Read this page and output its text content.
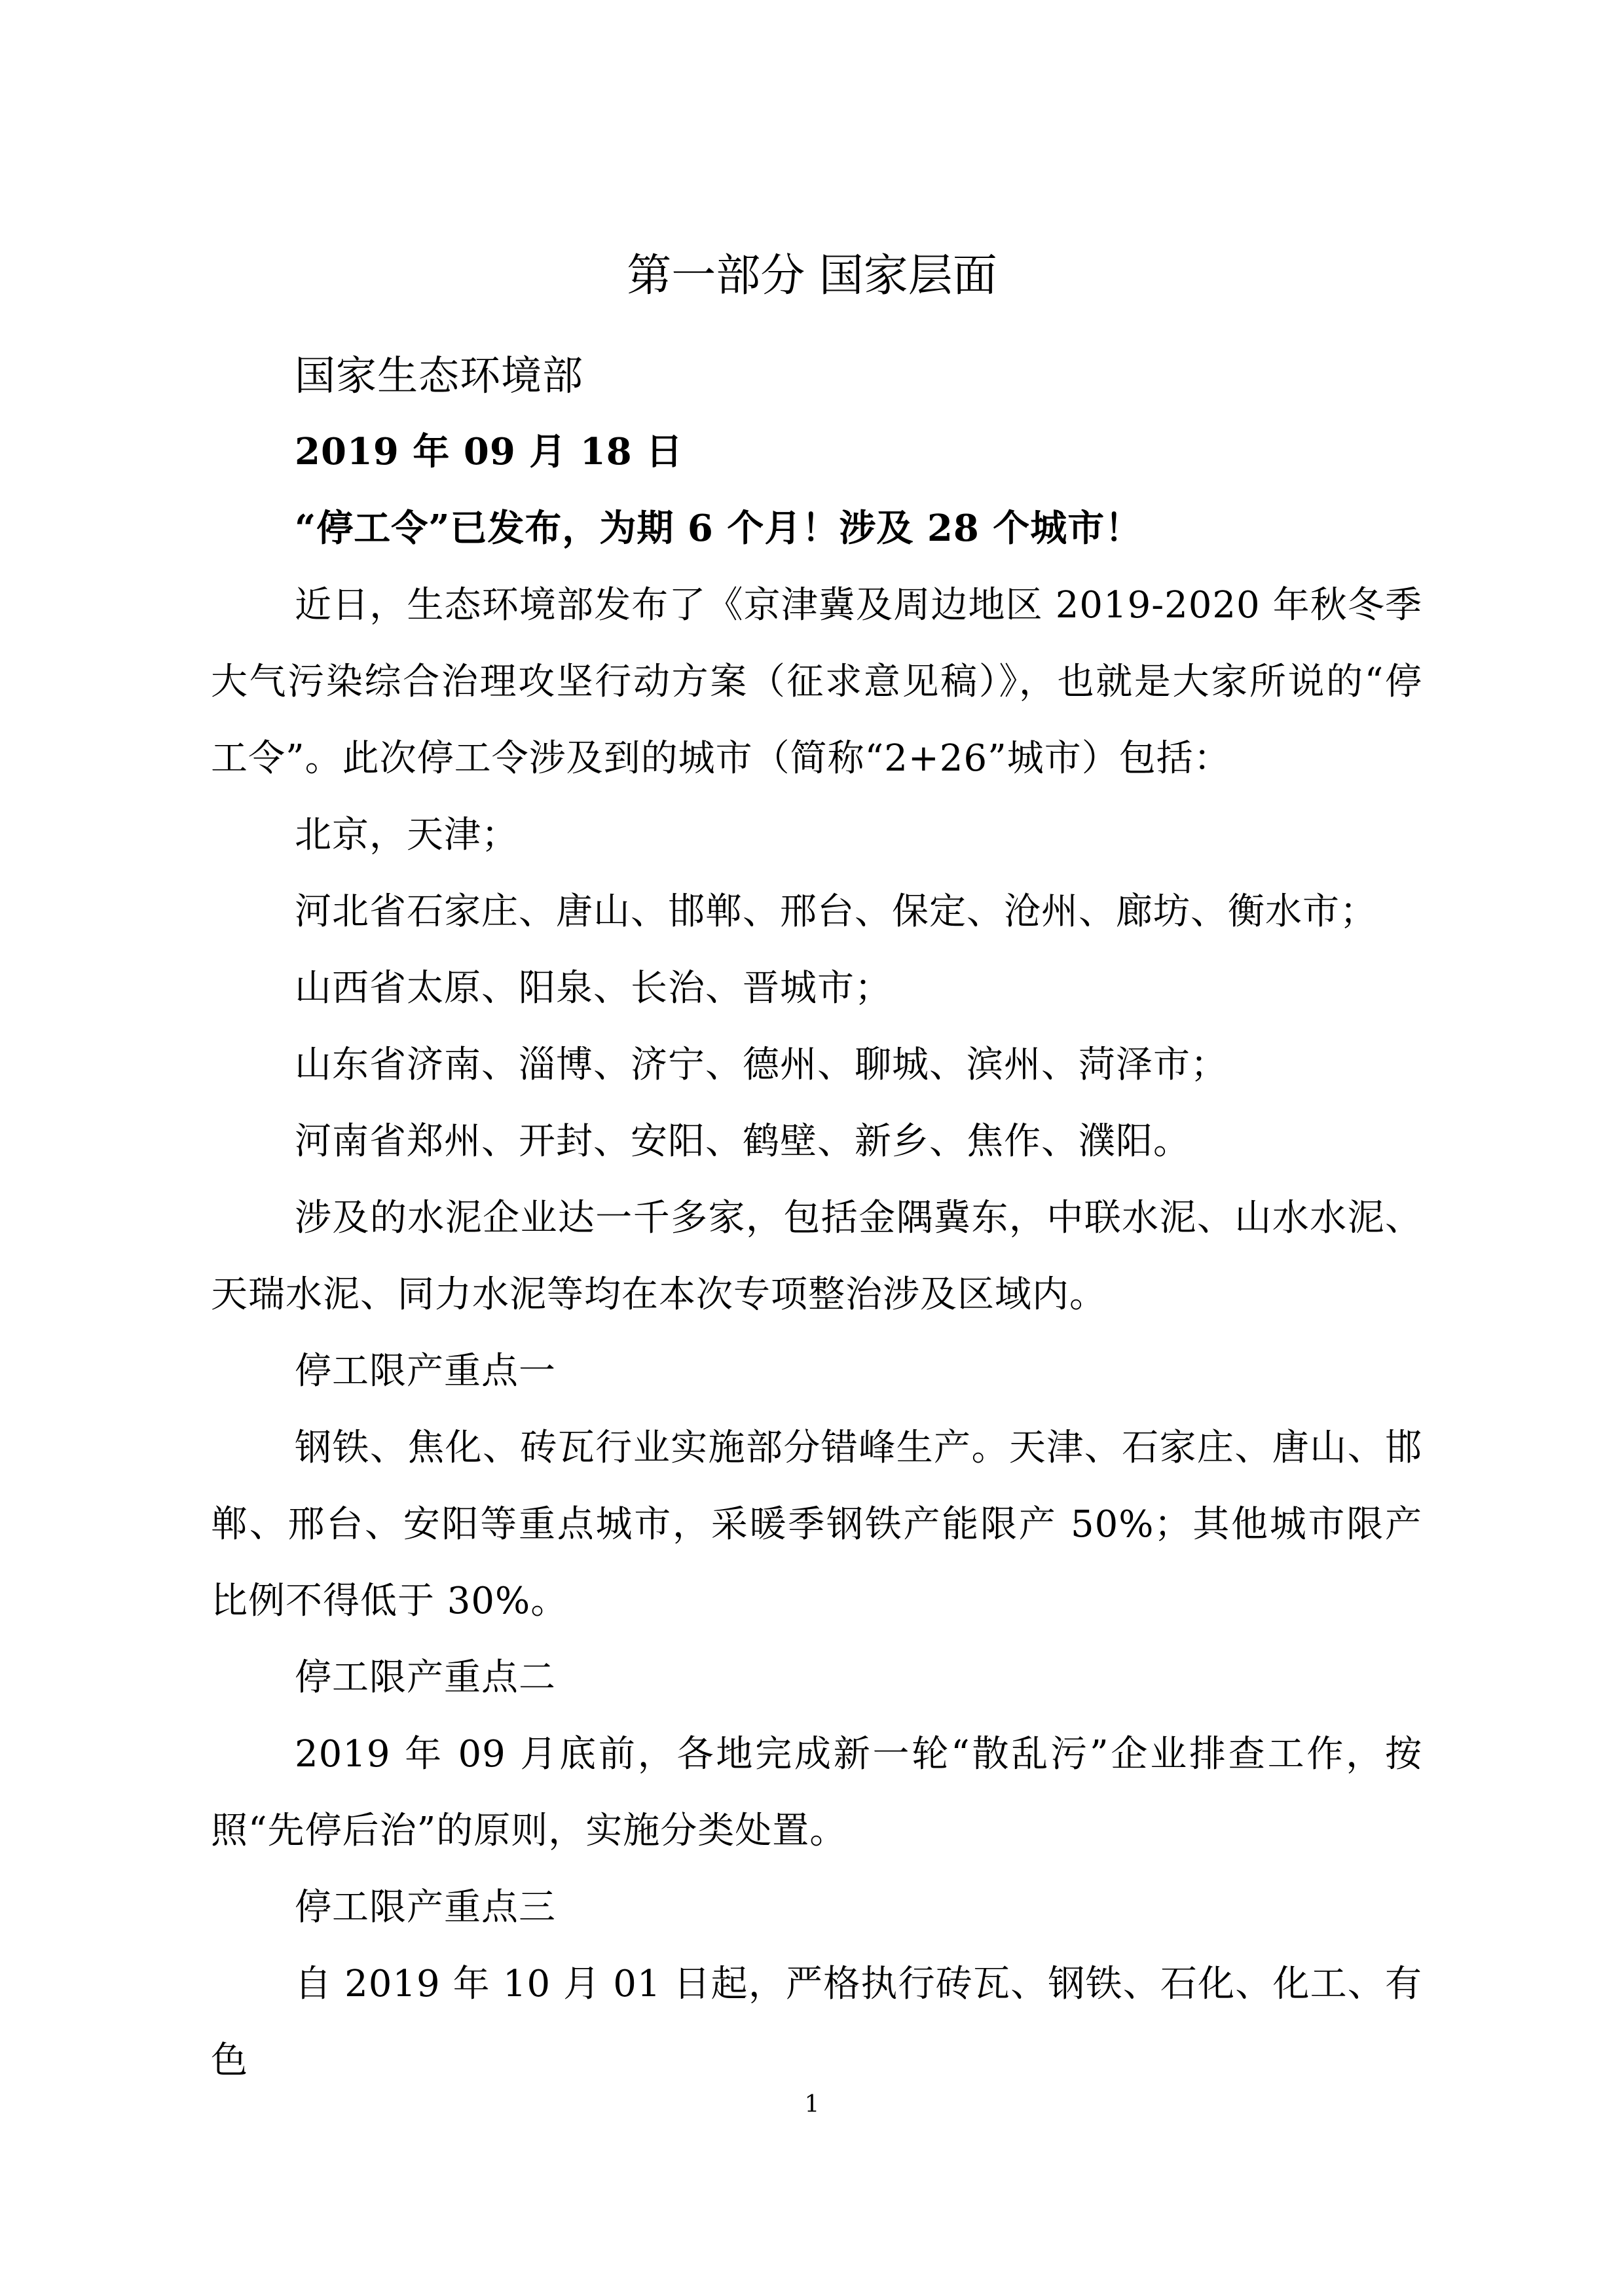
第一部分 国家层面

国家生态环境部

2019 年 09 月 18 日

“停工令”已发布，为期 6 个月！涉及 28 个城市！

近日，生态环境部发布了《京津冀及周边地区 2019-2020 年秋冬季大气污染综合治理攻坚行动方案（征求意见稿）》，也就是大家所说的“停工令”。此次停工令涉及到的城市（简称“2+26”城市）包括：

北京，天津；

河北省石家庄、唐山、邯郸、邢台、保定、沧州、廊坊、衡水市；

山西省太原、阳泉、长治、晋城市；

山东省济南、淄博、济宁、德州、聊城、滨州、菏泽市；

河南省郑州、开封、安阳、鹤壁、新乡、焦作、濮阳。

涉及的水泥企业达一千多家，包括金隅冀东，中联水泥、山水水泥、天瑞水泥、同力水泥等均在本次专项整治涉及区域内。

停工限产重点一

钢铁、焦化、砖瓦行业实施部分错峰生产。天津、石家庄、唐山、邯郸、邢台、安阳等重点城市，采暖季钢铁产能限产 50%；其他城市限产比例不得低于 30%。

停工限产重点二

2019 年 09 月底前，各地完成新一轮“散乱污”企业排查工作，按照“先停后治”的原则，实施分类处置。

停工限产重点三

自 2019 年 10 月 01 日起，严格执行砖瓦、钢铁、石化、化工、有色

1
